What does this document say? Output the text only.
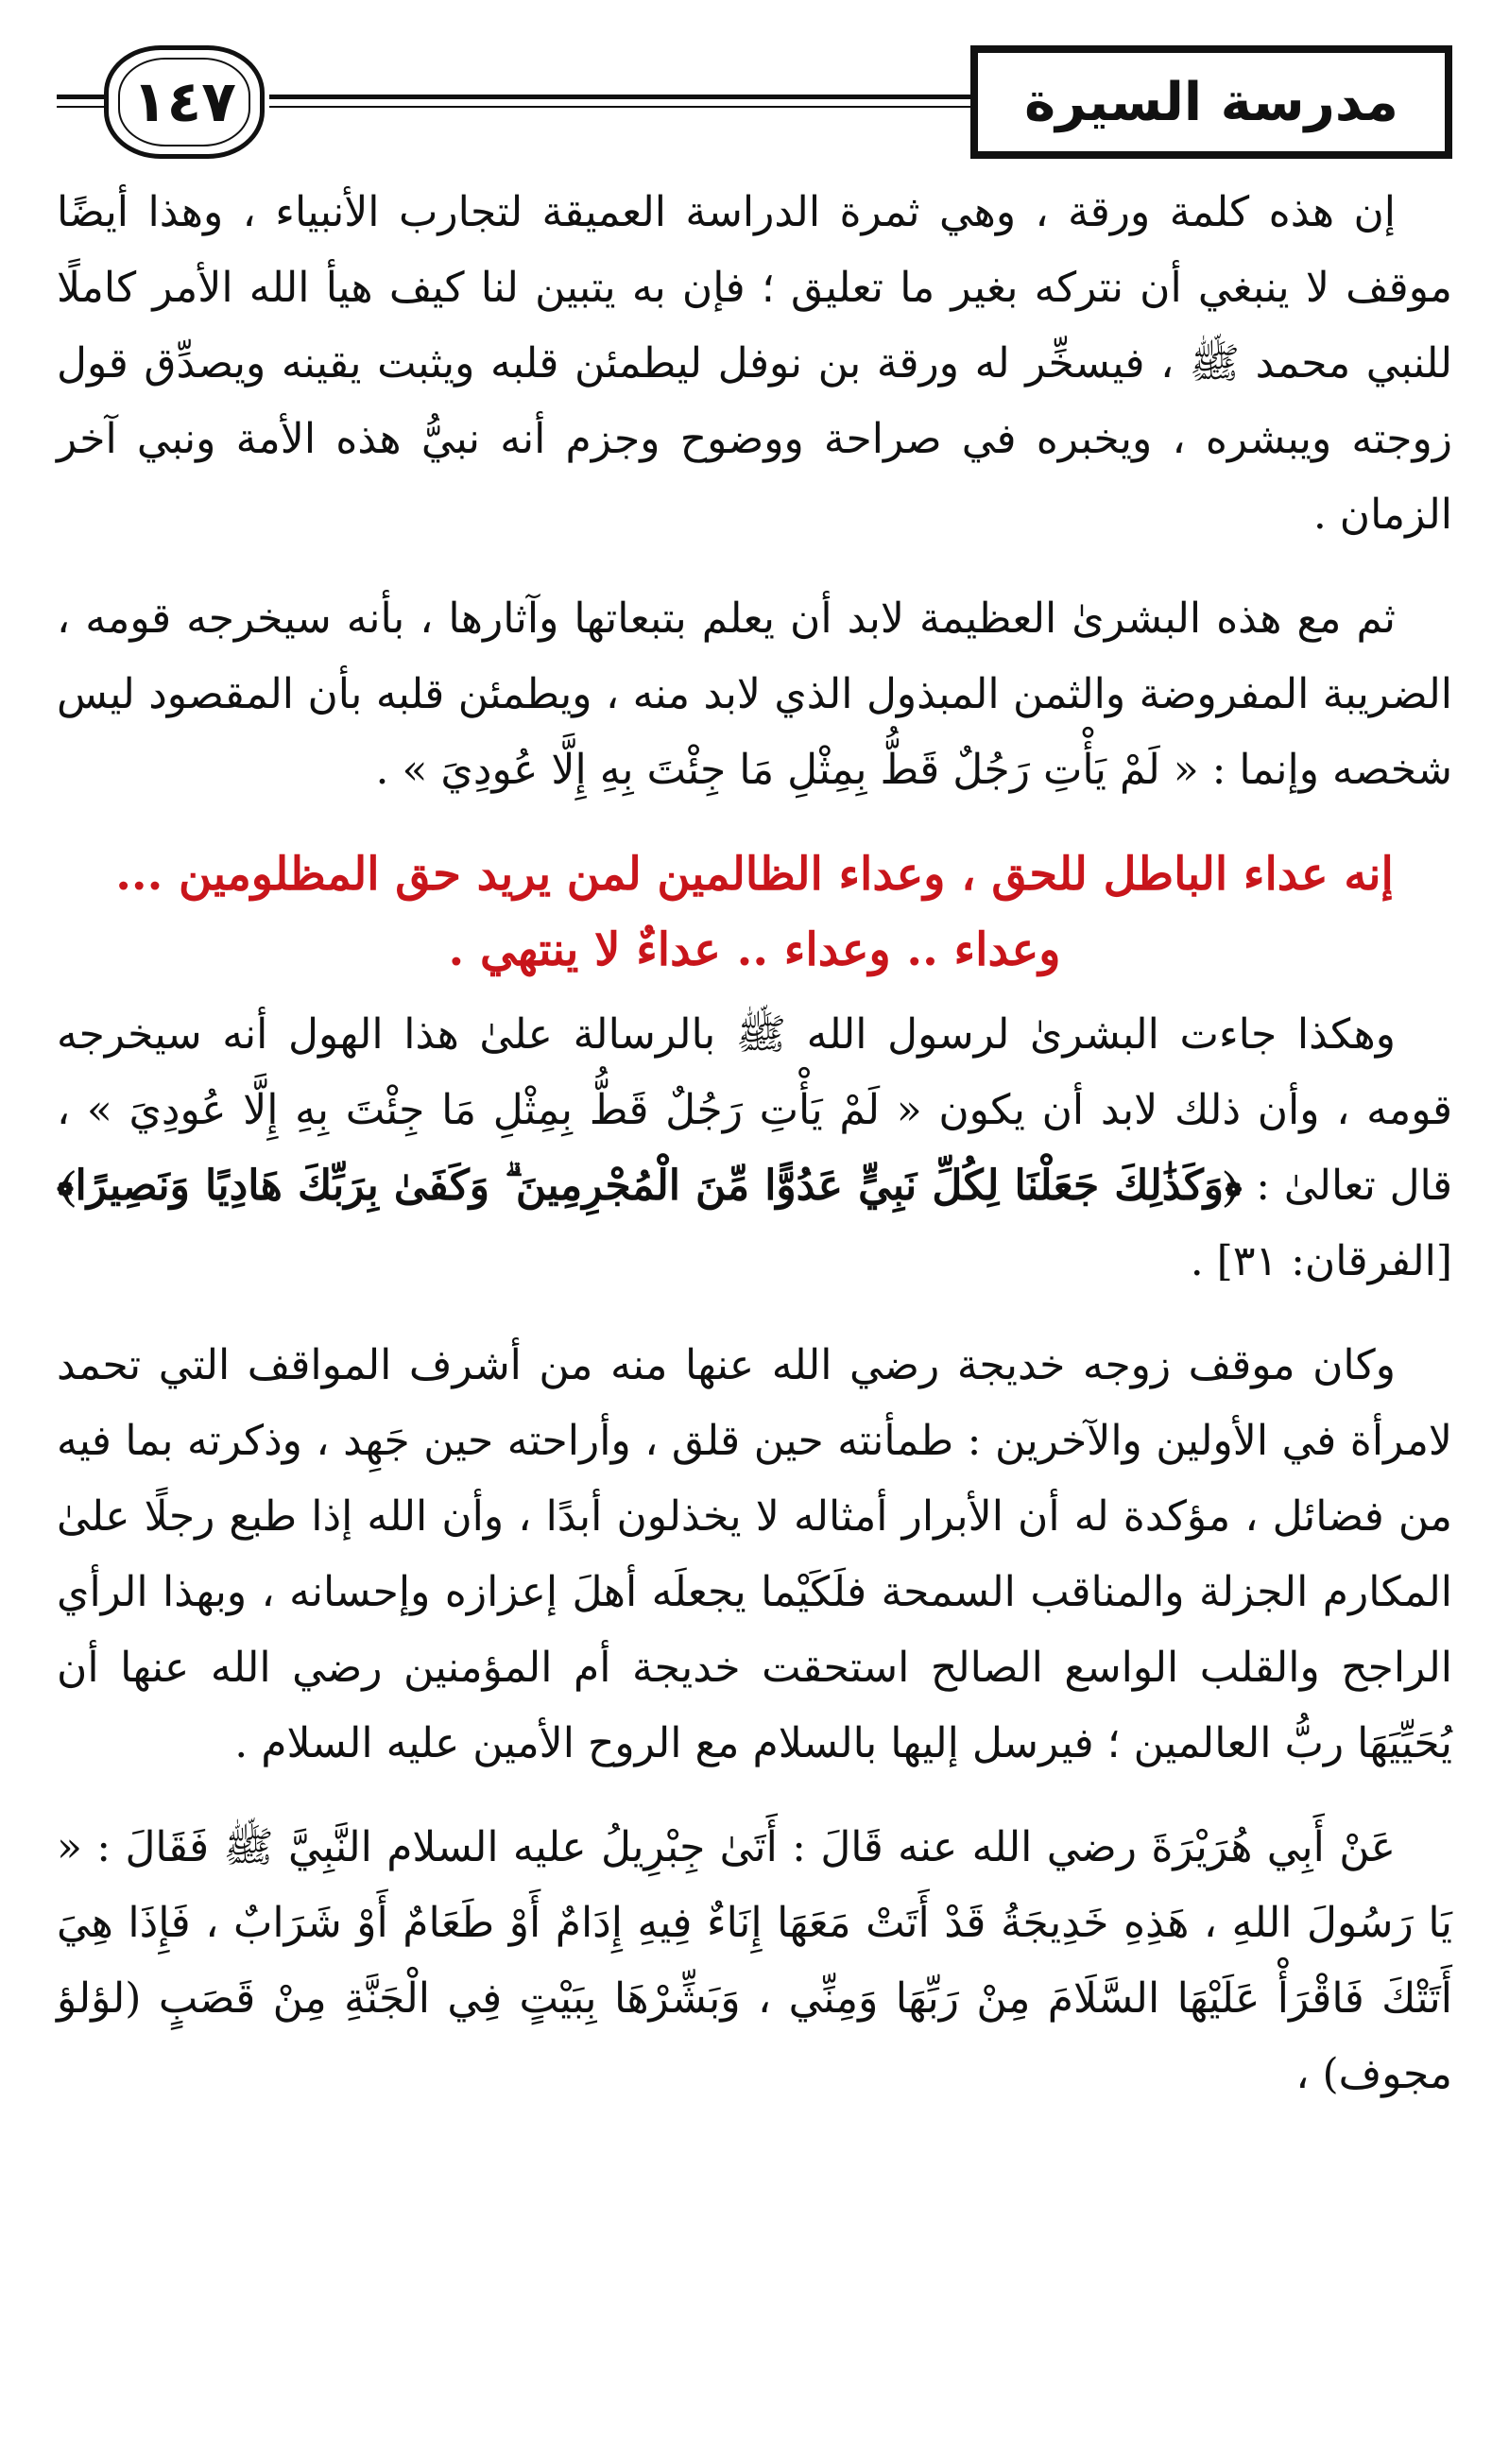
١٤٧	مدرسة السيرة

إن هذه كلمة ورقة ، وهي ثمرة الدراسة العميقة لتجارب الأنبياء ، وهذا أيضًا موقف لا ينبغي أن نتركه بغير ما تعليق ؛ فإن به يتبين لنا كيف هيأ الله الأمر كاملًا للنبي محمد ﷺ ، فيسخِّر له ورقة بن نوفل ليطمئن قلبه ويثبت يقينه ويصدِّق قول زوجته ويبشره ، ويخبره في صراحة ووضوح وجزم أنه نبيُّ هذه الأمة ونبي آخر الزمان .

ثم مع هذه البشرىٰ العظيمة لابد أن يعلم بتبعاتها وآثارها ، بأنه سيخرجه قومه ، الضريبة المفروضة والثمن المبذول الذي لابد منه ، ويطمئن قلبه بأن المقصود ليس شخصه وإنما : « لَمْ يَأْتِ رَجُلٌ قَطُّ بِمِثْلِ مَا جِئْتَ بِهِ إِلَّا عُودِيَ » .

إنه عداء الباطل للحق ، وعداء الظالمين لمن يريد حق المظلومين ...
وعداء .. وعداء .. عداءٌ لا ينتهي .

وهكذا جاءت البشرىٰ لرسول الله ﷺ بالرسالة علىٰ هذا الهول أنه سيخرجه قومه ، وأن ذلك لابد أن يكون « لَمْ يَأْتِ رَجُلٌ قَطُّ بِمِثْلِ مَا جِئْتَ بِهِ إِلَّا عُودِيَ » ، قال تعالىٰ : ﴿وَكَذَٰلِكَ جَعَلْنَا لِكُلِّ نَبِيٍّ عَدُوًّا مِّنَ الْمُجْرِمِينَ ۗ وَكَفَىٰ بِرَبِّكَ هَادِيًا وَنَصِيرًا﴾ [الفرقان: ٣١] .

وكان موقف زوجه خديجة رضي الله عنها منه من أشرف المواقف التي تحمد لامرأة في الأولين والآخرين : طمأنته حين قلق ، وأراحته حين جَهِد ، وذكرته بما فيه من فضائل ، مؤكدة له أن الأبرار أمثاله لا يخذلون أبدًا ، وأن الله إذا طبع رجلًا علىٰ المكارم الجزلة والمناقب السمحة فلَكَيْما يجعلَه أهلَ إعزازه وإحسانه ، وبهذا الرأي الراجح والقلب الواسع الصالح استحقت خديجة أم المؤمنين رضي الله عنها أن يُحَيِّيَهَا ربُّ العالمين ؛ فيرسل إليها بالسلام مع الروح الأمين عليه السلام .

عَنْ أَبِي هُرَيْرَةَ رضي الله عنه قَالَ : أَتَىٰ جِبْرِيلُ عليه السلام النَّبِيَّ ﷺ فَقَالَ : « يَا رَسُولَ اللهِ ، هَذِهِ خَدِيجَةُ قَدْ أَتَتْ مَعَهَا إِنَاءٌ فِيهِ إِدَامٌ أَوْ طَعَامٌ أَوْ شَرَابٌ ، فَإِذَا هِيَ أَتَتْكَ فَاقْرَأْ عَلَيْهَا السَّلَامَ مِنْ رَبِّهَا وَمِنِّي ، وَبَشِّرْهَا بِبَيْتٍ فِي الْجَنَّةِ مِنْ قَصَبٍ (لؤلؤ مجوف) ،
